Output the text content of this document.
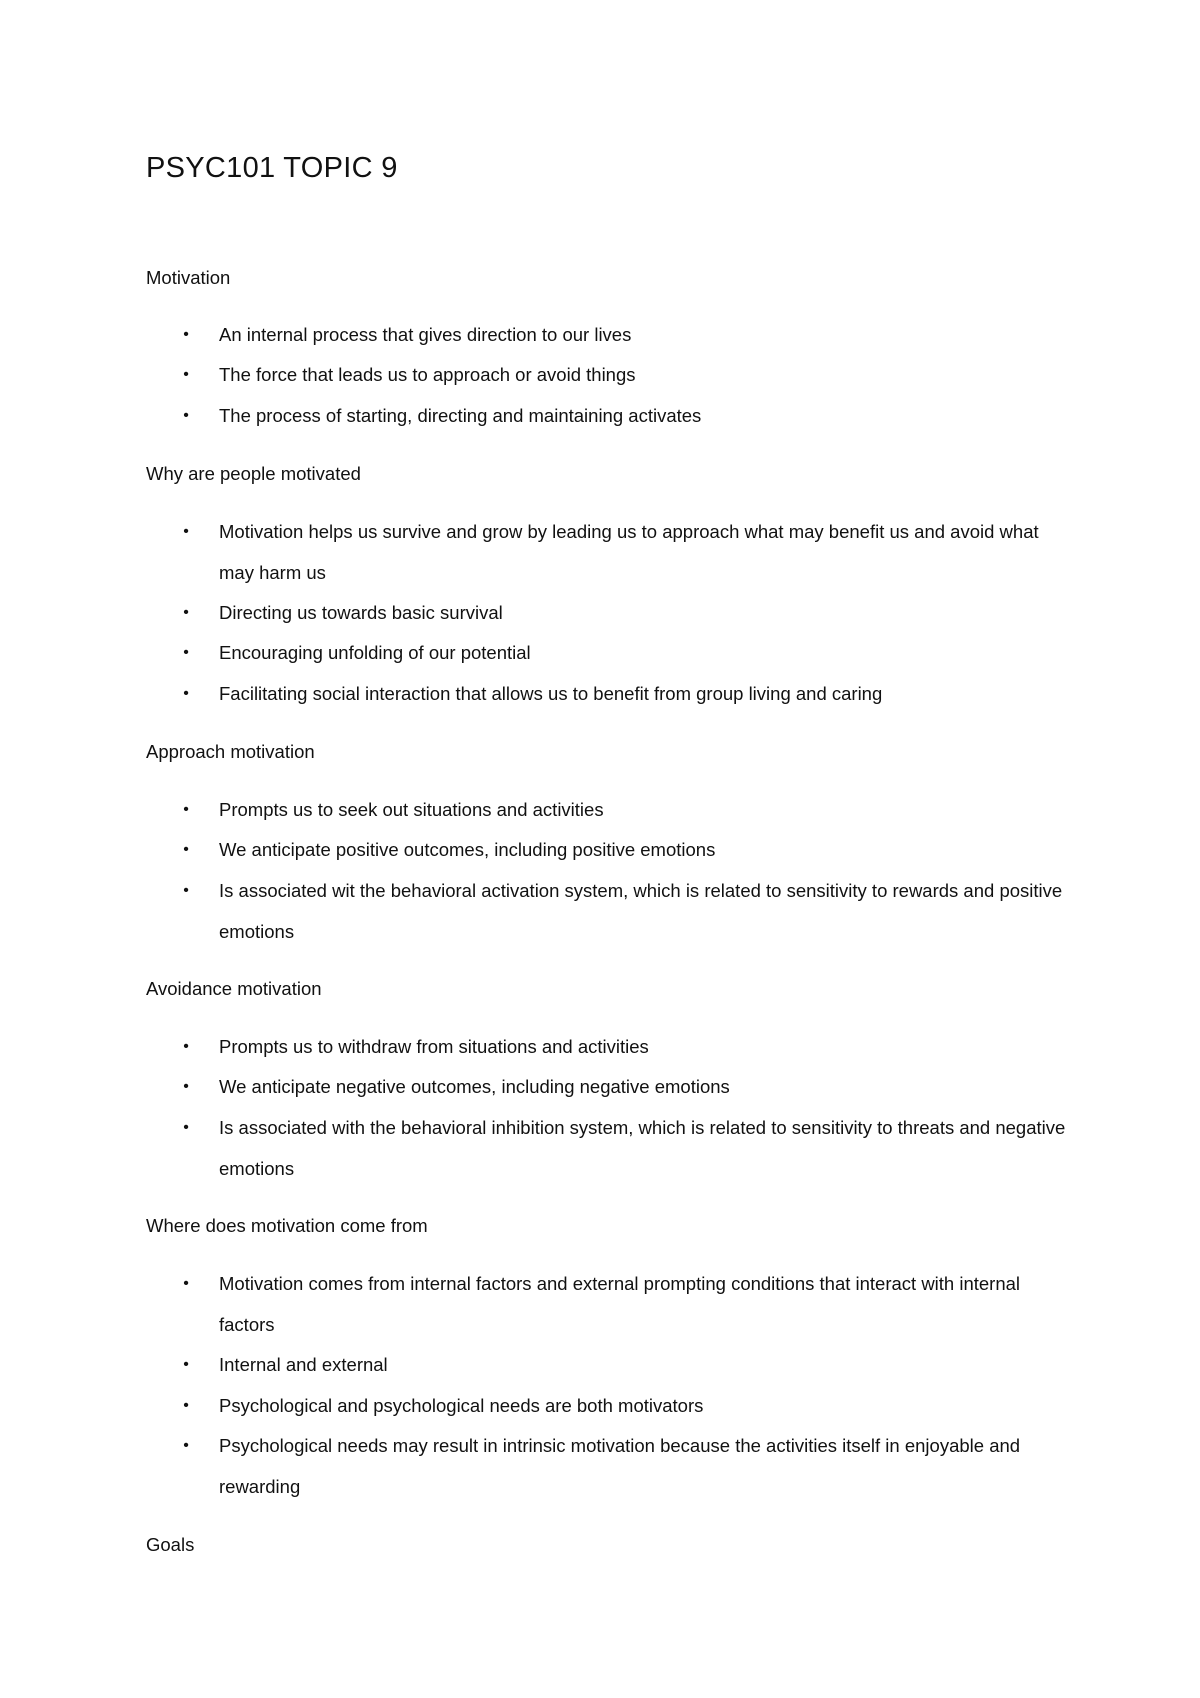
PSYC101 TOPIC 9

Motivation

• An internal process that gives direction to our lives
• The force that leads us to approach or avoid things
• The process of starting, directing and maintaining activates

Why are people motivated

• Motivation helps us survive and grow by leading us to approach what may benefit us and avoid what may harm us
• Directing us towards basic survival
• Encouraging unfolding of our potential
• Facilitating social interaction that allows us to benefit from group living and caring

Approach motivation

• Prompts us to seek out situations and activities
• We anticipate positive outcomes, including positive emotions
• Is associated wit the behavioral activation system, which is related to sensitivity to rewards and positive emotions

Avoidance motivation

• Prompts us to withdraw from situations and activities
• We anticipate negative outcomes, including negative emotions
• Is associated with the behavioral inhibition system, which is related to sensitivity to threats and negative emotions

Where does motivation come from

• Motivation comes from internal factors and external prompting conditions that interact with internal factors
• Internal and external
• Psychological and psychological needs are both motivators
• Psychological needs may result in intrinsic motivation because the activities itself in enjoyable and rewarding

Goals
